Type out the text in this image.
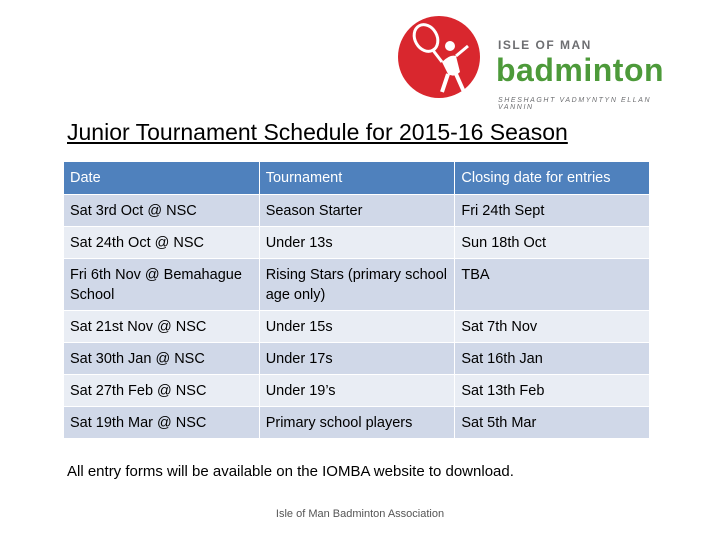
ISLE OF MAN
badminton
SHESHAGHT VADMYNTYN ELLAN VANNIN
Junior Tournament Schedule for 2015-16 Season
Date	Tournament	Closing date for entries
Sat 3rd Oct @ NSC	Season Starter	Fri 24th Sept
Sat 24th Oct @ NSC	Under 13s	Sun 18th Oct
Fri 6th Nov @ Bemahague School	Rising Stars (primary school age only)	TBA
Sat 21st Nov @ NSC	Under 15s	Sat 7th Nov
Sat 30th Jan @ NSC	Under 17s	Sat 16th Jan
Sat 27th Feb @ NSC	Under 19’s	Sat 13th Feb
Sat 19th Mar @ NSC	Primary school players	Sat 5th Mar
All entry forms will be available on the IOMBA website to download.
Isle of Man Badminton Association
